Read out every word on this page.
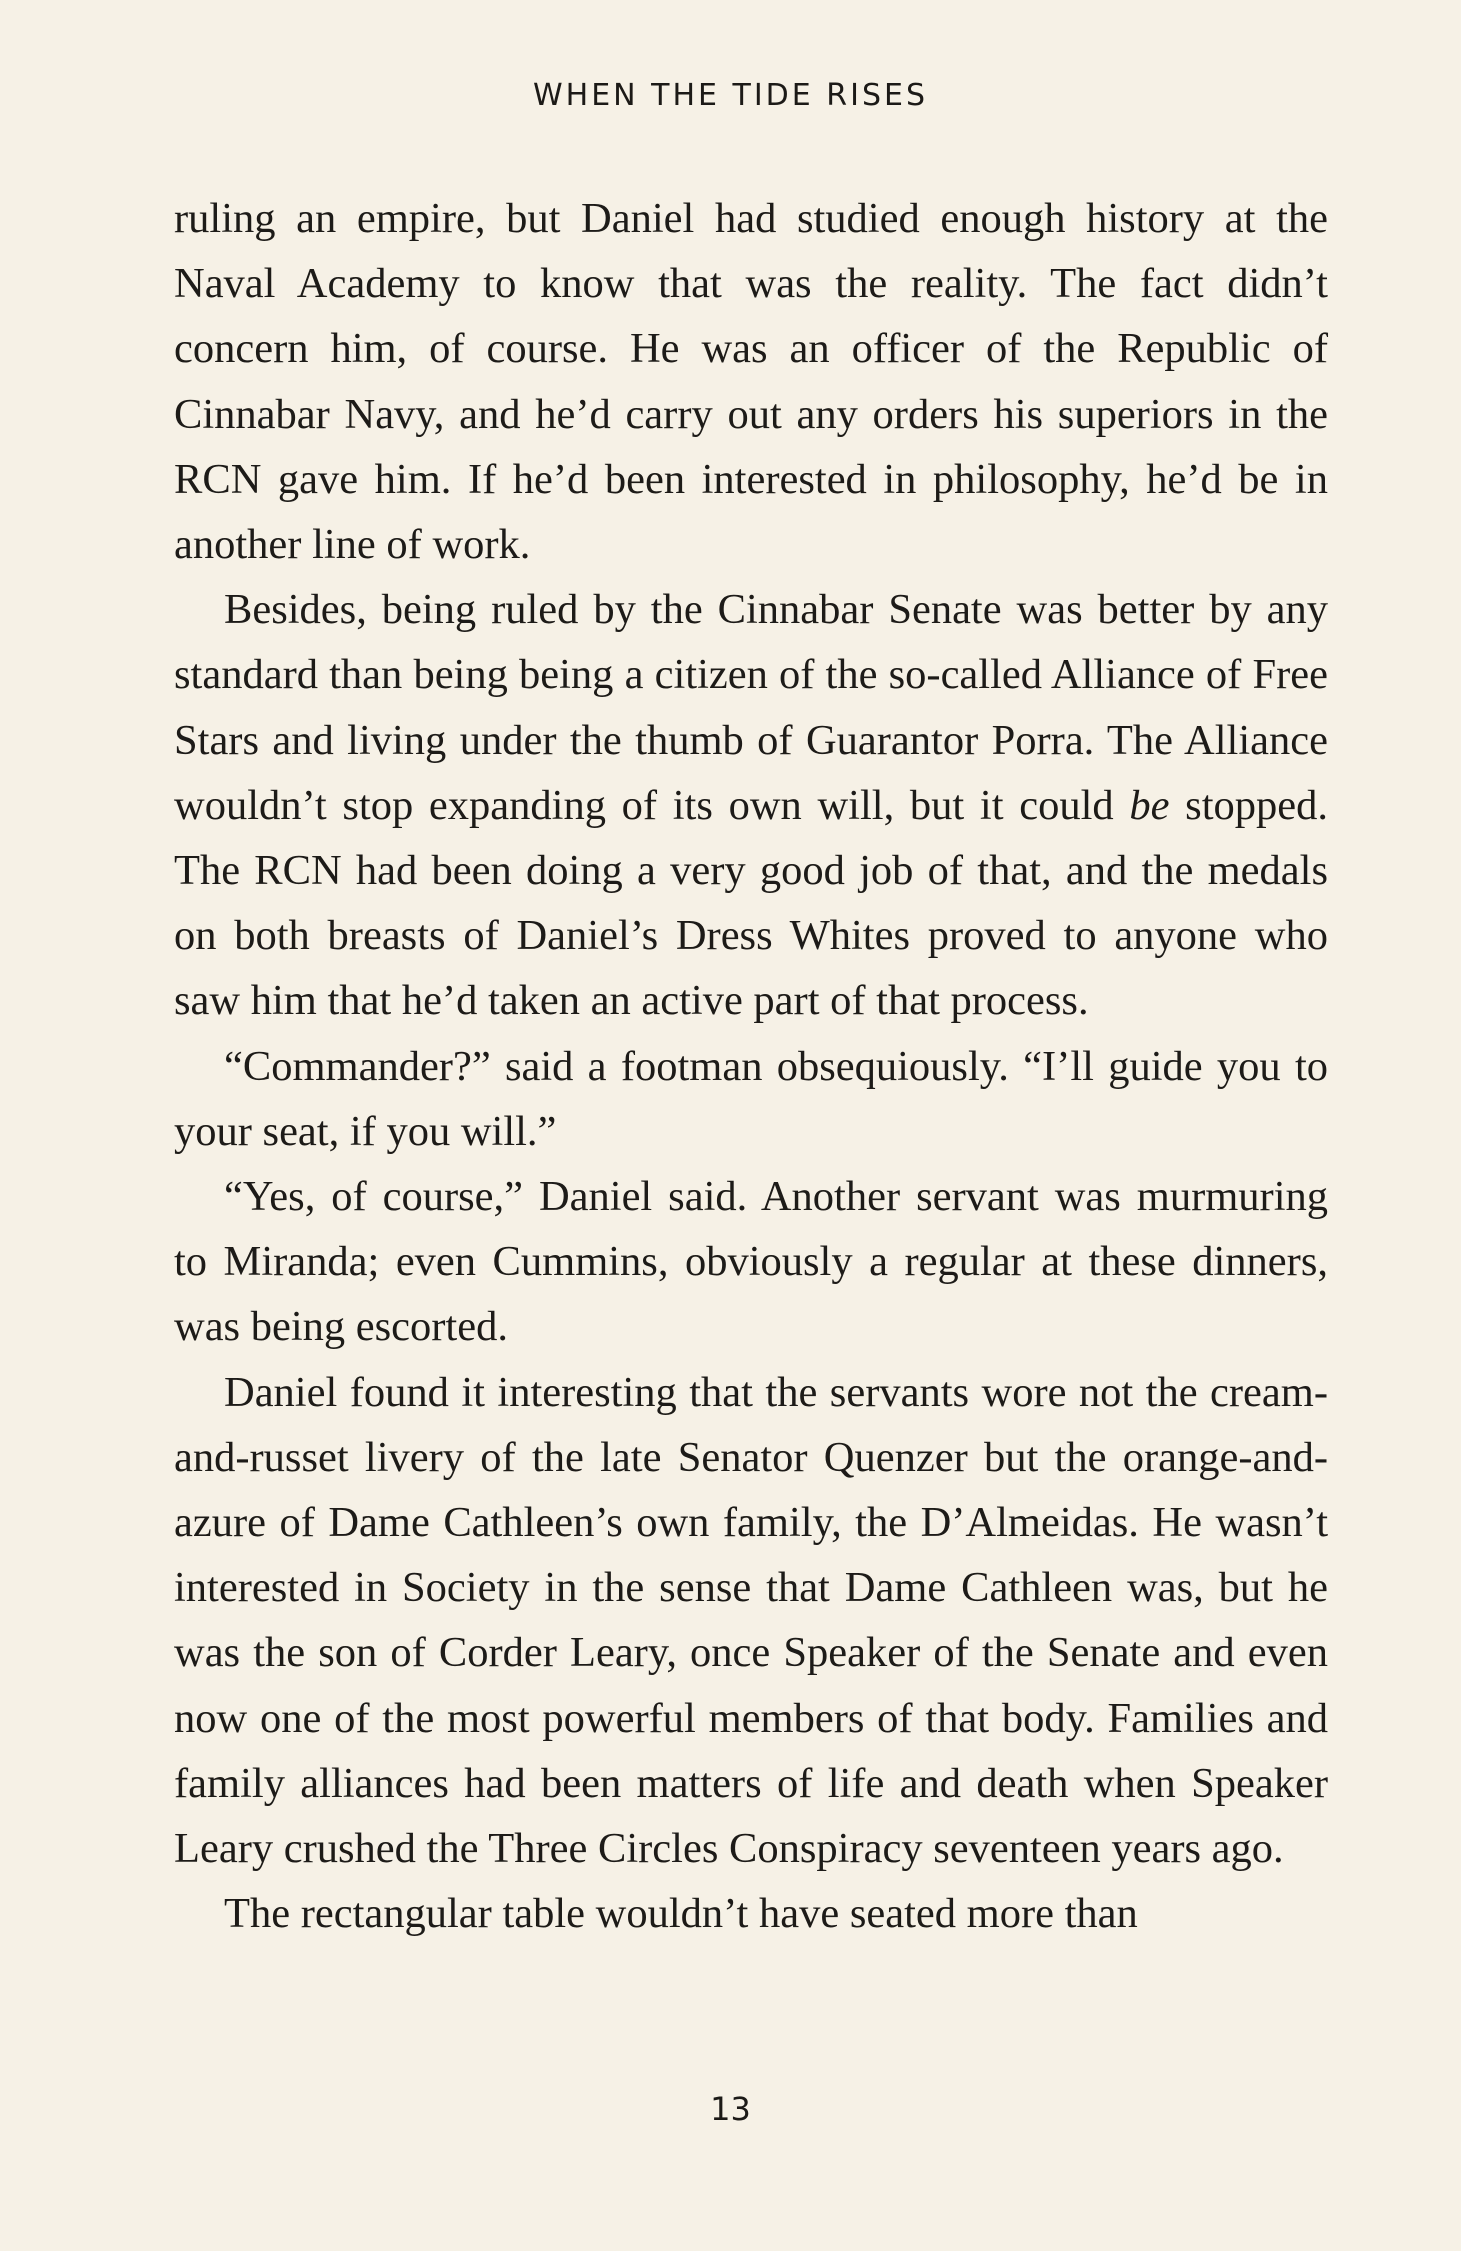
WHEN THE TIDE RISES

ruling an empire, but Daniel had studied enough history at the Naval Academy to know that was the reality. The fact didn’t concern him, of course. He was an officer of the Republic of Cinnabar Navy, and he’d carry out any orders his superiors in the RCN gave him. If he’d been interested in philosophy, he’d be in another line of work.

Besides, being ruled by the Cinnabar Senate was better by any standard than being being a citizen of the so-called Alliance of Free Stars and living under the thumb of Guarantor Porra. The Alliance wouldn’t stop expanding of its own will, but it could be stopped. The RCN had been doing a very good job of that, and the medals on both breasts of Daniel’s Dress Whites proved to anyone who saw him that he’d taken an active part of that process.

“Commander?” said a footman obsequiously. “I’ll guide you to your seat, if you will.”

“Yes, of course,” Daniel said. Another servant was murmuring to Miranda; even Cummins, obviously a regular at these dinners, was being escorted.

Daniel found it interesting that the servants wore not the cream-and-russet livery of the late Senator Quenzer but the orange-and-azure of Dame Cathleen’s own family, the D’Almeidas. He wasn’t interested in Society in the sense that Dame Cathleen was, but he was the son of Corder Leary, once Speaker of the Senate and even now one of the most powerful members of that body. Families and family alliances had been matters of life and death when Speaker Leary crushed the Three Circles Conspiracy seventeen years ago.

The rectangular table wouldn’t have seated more than

13
